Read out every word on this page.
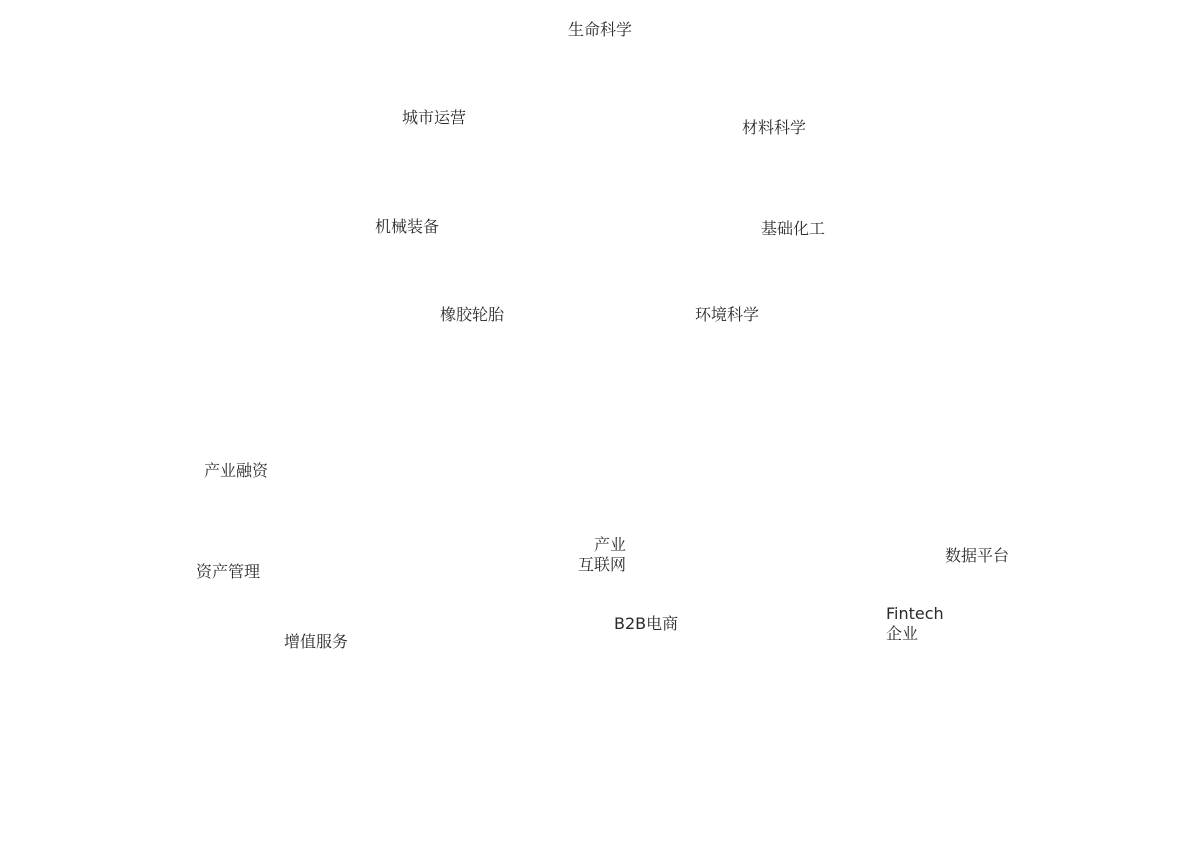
生命科学
城市运营
材料科学
机械装备	基础化工
橡胶轮胎	环境科学
产业融资
产业
互联网	数据平台
资产管理
Fintech
企业
B2B电商
增值服务
